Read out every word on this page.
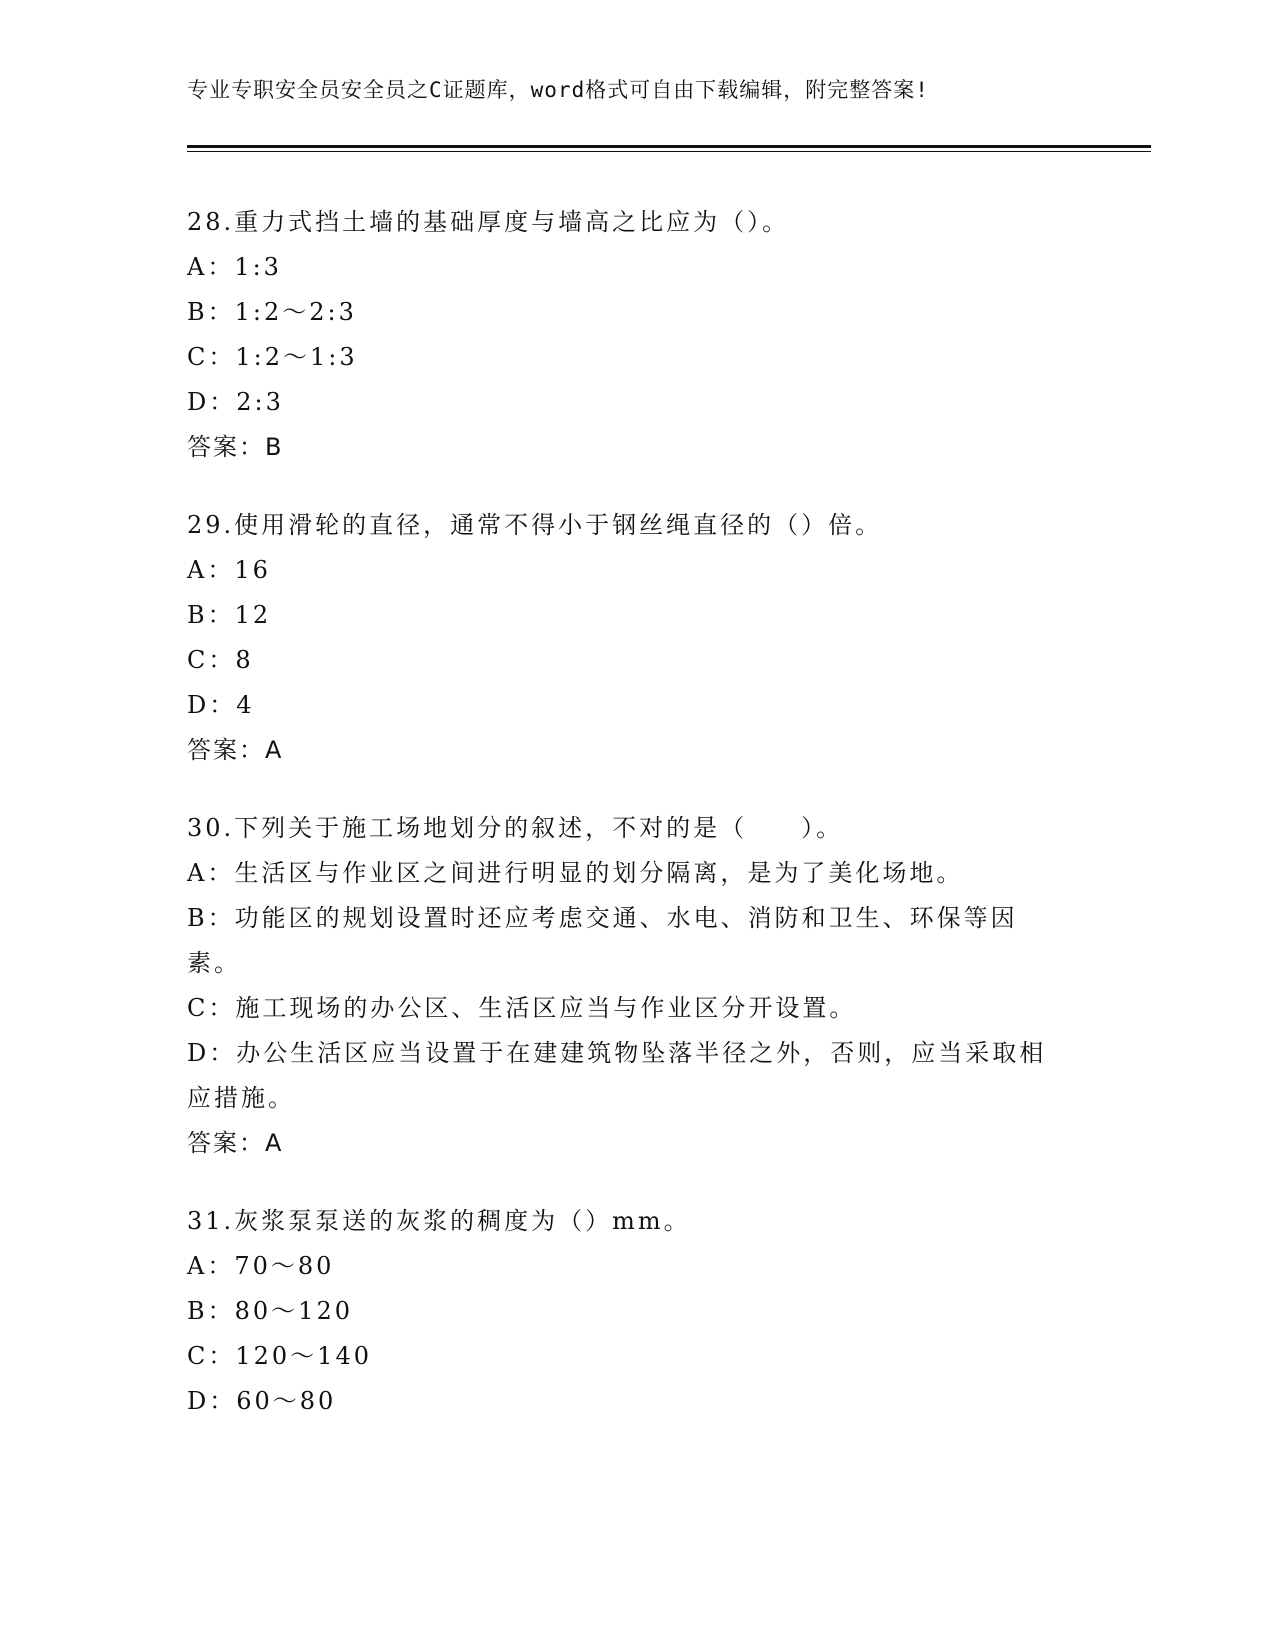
专业专职安全员安全员之C证题库，word格式可自由下载编辑，附完整答案!
28.重力式挡土墙的基础厚度与墙高之比应为（）。
A：1:3
B：1:2～2:3
C：1:2～1:3
D：2:3
答案：B
29.使用滑轮的直径，通常不得小于钢丝绳直径的（）倍。
A：16
B：12
C：8
D：4
答案：A
30.下列关于施工场地划分的叙述，不对的是（　　）。
A：生活区与作业区之间进行明显的划分隔离，是为了美化场地。
B：功能区的规划设置时还应考虑交通、水电、消防和卫生、环保等因素。
C：施工现场的办公区、生活区应当与作业区分开设置。
D：办公生活区应当设置于在建建筑物坠落半径之外，否则，应当采取相应措施。
答案：A
31.灰浆泵泵送的灰浆的稠度为（）mm。
A：70～80
B：80～120
C：120～140
D：60～80
